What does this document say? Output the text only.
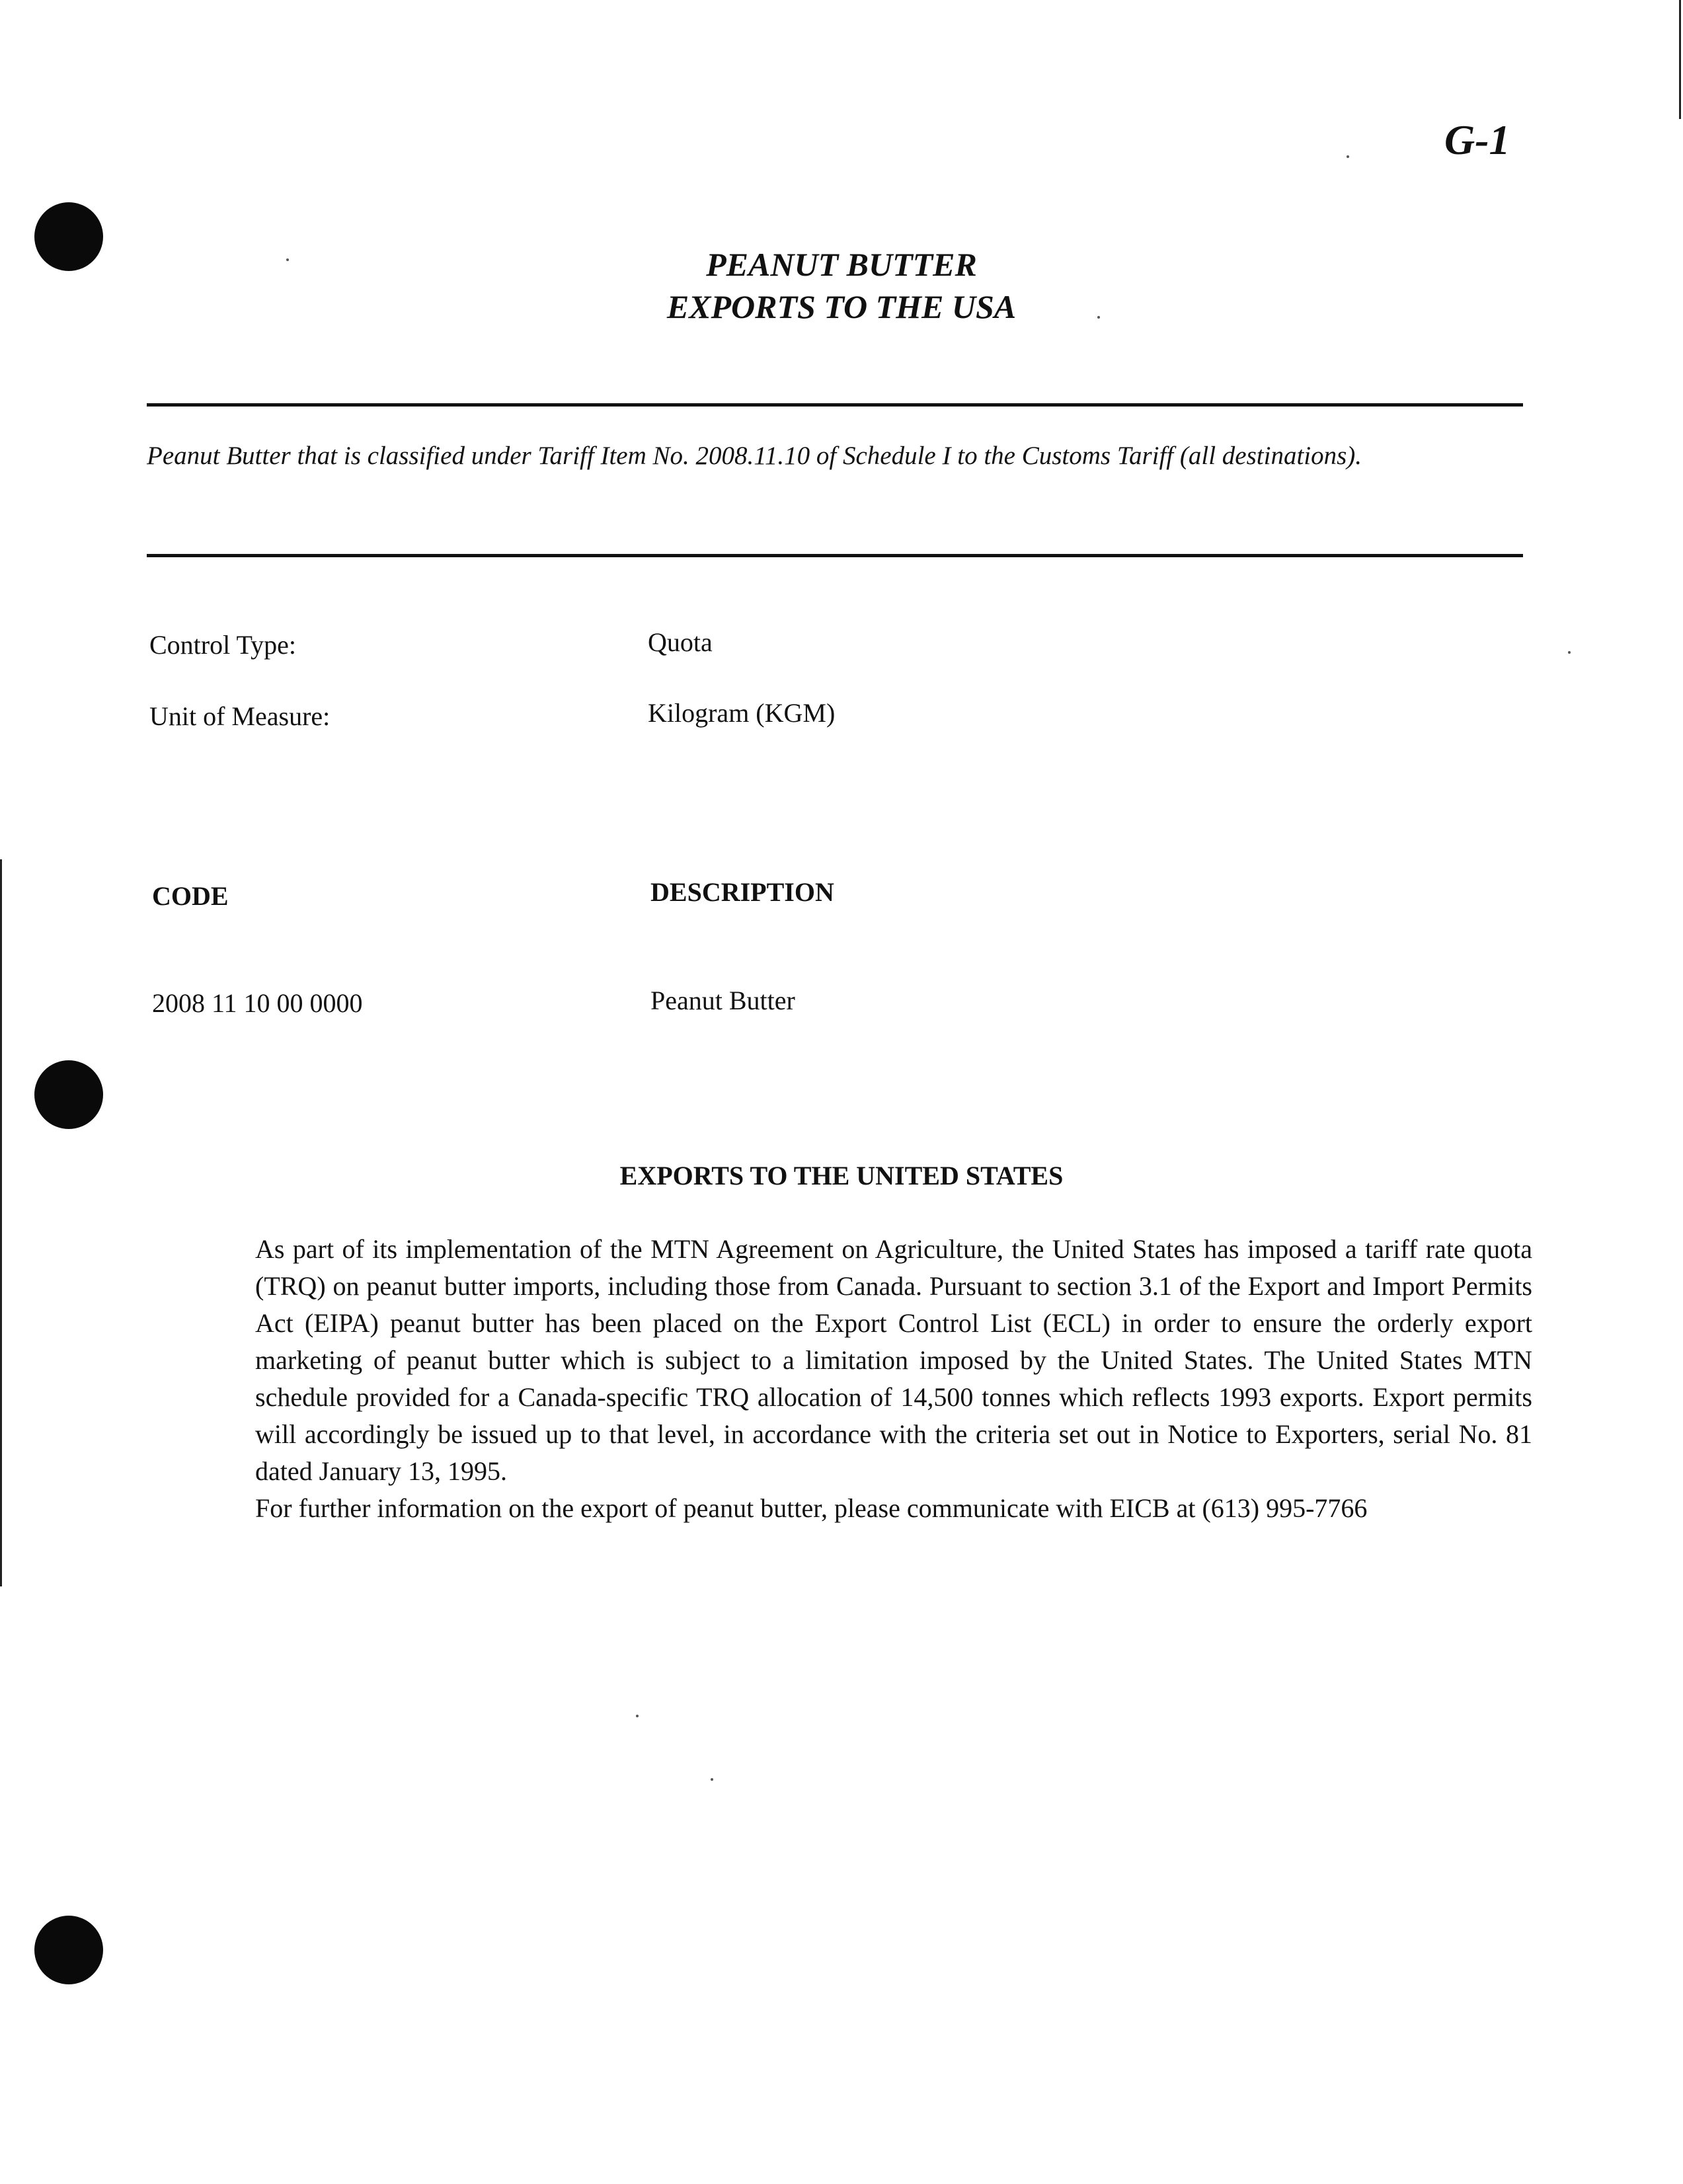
G-1
PEANUT BUTTER
EXPORTS TO THE USA
Peanut Butter that is classified under Tariff Item No. 2008.11.10 of Schedule I to the Customs Tariff (all destinations).
Control Type:	Quota
Unit of Measure:	Kilogram (KGM)
CODE	DESCRIPTION
2008 11 10 00 0000	Peanut Butter
EXPORTS TO THE UNITED STATES

As part of its implementation of the MTN Agreement on Agriculture, the United States has imposed a tariff rate quota (TRQ) on peanut butter imports, including those from Canada. Pursuant to section 3.1 of the Export and Import Permits Act (EIPA) peanut butter has been placed on the Export Control List (ECL) in order to ensure the orderly export marketing of peanut butter which is subject to a limitation imposed by the United States. The United States MTN schedule provided for a Canada-specific TRQ allocation of 14,500 tonnes which reflects 1993 exports. Export permits will accordingly be issued up to that level, in accordance with the criteria set out in Notice to Exporters, serial No. 81 dated January 13, 1995.

For further information on the export of peanut butter, please communicate with EICB at (613) 995-7766
